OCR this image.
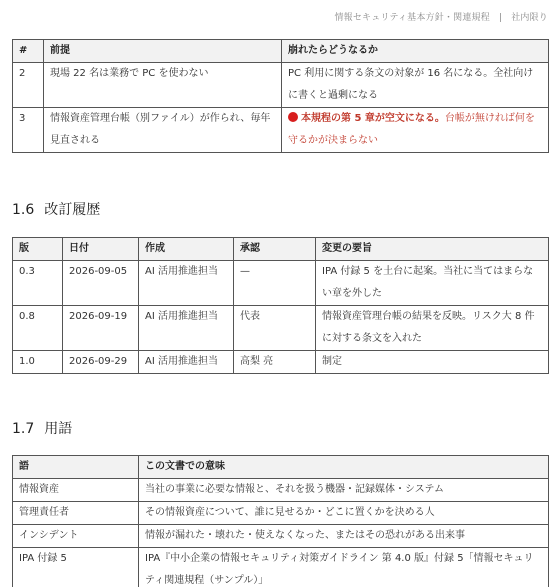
情報セキュリティ基本方針・関連規程 | 社内限り
#	前提	崩れたらどうなるか
2	現場 22 名は業務で PC を使わない	PC 利用に関する条文の対象が 16 名になる。全社向けに書くと過剰になる
3	情報資産管理台帳（別ファイル）が作られ、毎年見直される	本規程の第 5 章が空文になる。台帳が無ければ何を守るかが決まらない
1.6 改訂履歴
版	日付	作成	承認	変更の要旨
0.3	2026-09-05	AI 活用推進担当	—	IPA 付録 5 を土台に起案。当社に当てはまらない章を外した
0.8	2026-09-19	AI 活用推進担当	代表	情報資産管理台帳の結果を反映。リスク大 8 件に対する条文を入れた
1.0	2026-09-29	AI 活用推進担当	高梨 亮	制定
1.7 用語
語	この文書での意味
情報資産	当社の事業に必要な情報と、それを扱う機器・記録媒体・システム
管理責任者	その情報資産について、誰に見せるか・どこに置くかを決める人
インシデント	情報が漏れた・壊れた・使えなくなった、またはその恐れがある出来事
IPA 付録 5	IPA『中小企業の情報セキュリティ対策ガイドライン 第 4.0 版』付録 5「情報セキュリティ関連規程（サンプル）」
